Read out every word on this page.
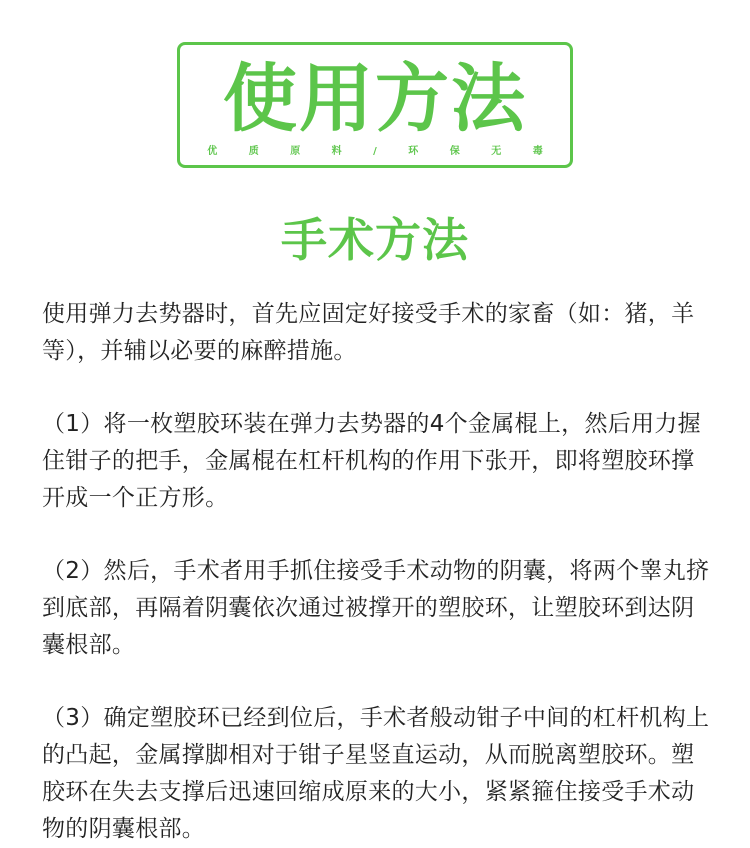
使用方法
优 质 原 料 / 环 保 无 毒
手术方法

使用弹力去势器时，首先应固定好接受手术的家畜（如：猪，羊等），并辅以必要的麻醉措施。

（1）将一枚塑胶环装在弹力去势器的4个金属棍上，然后用力握住钳子的把手，金属棍在杠杆机构的作用下张开，即将塑胶环撑开成一个正方形。

（2）然后，手术者用手抓住接受手术动物的阴囊，将两个睾丸挤到底部，再隔着阴囊依次通过被撑开的塑胶环，让塑胶环到达阴囊根部。

（3）确定塑胶环已经到位后，手术者般动钳子中间的杠杆机构上的凸起，金属撑脚相对于钳子星竖直运动，从而脱离塑胶环。塑胶环在失去支撑后迅速回缩成原来的大小，紧紧箍住接受手术动物的阴囊根部。
